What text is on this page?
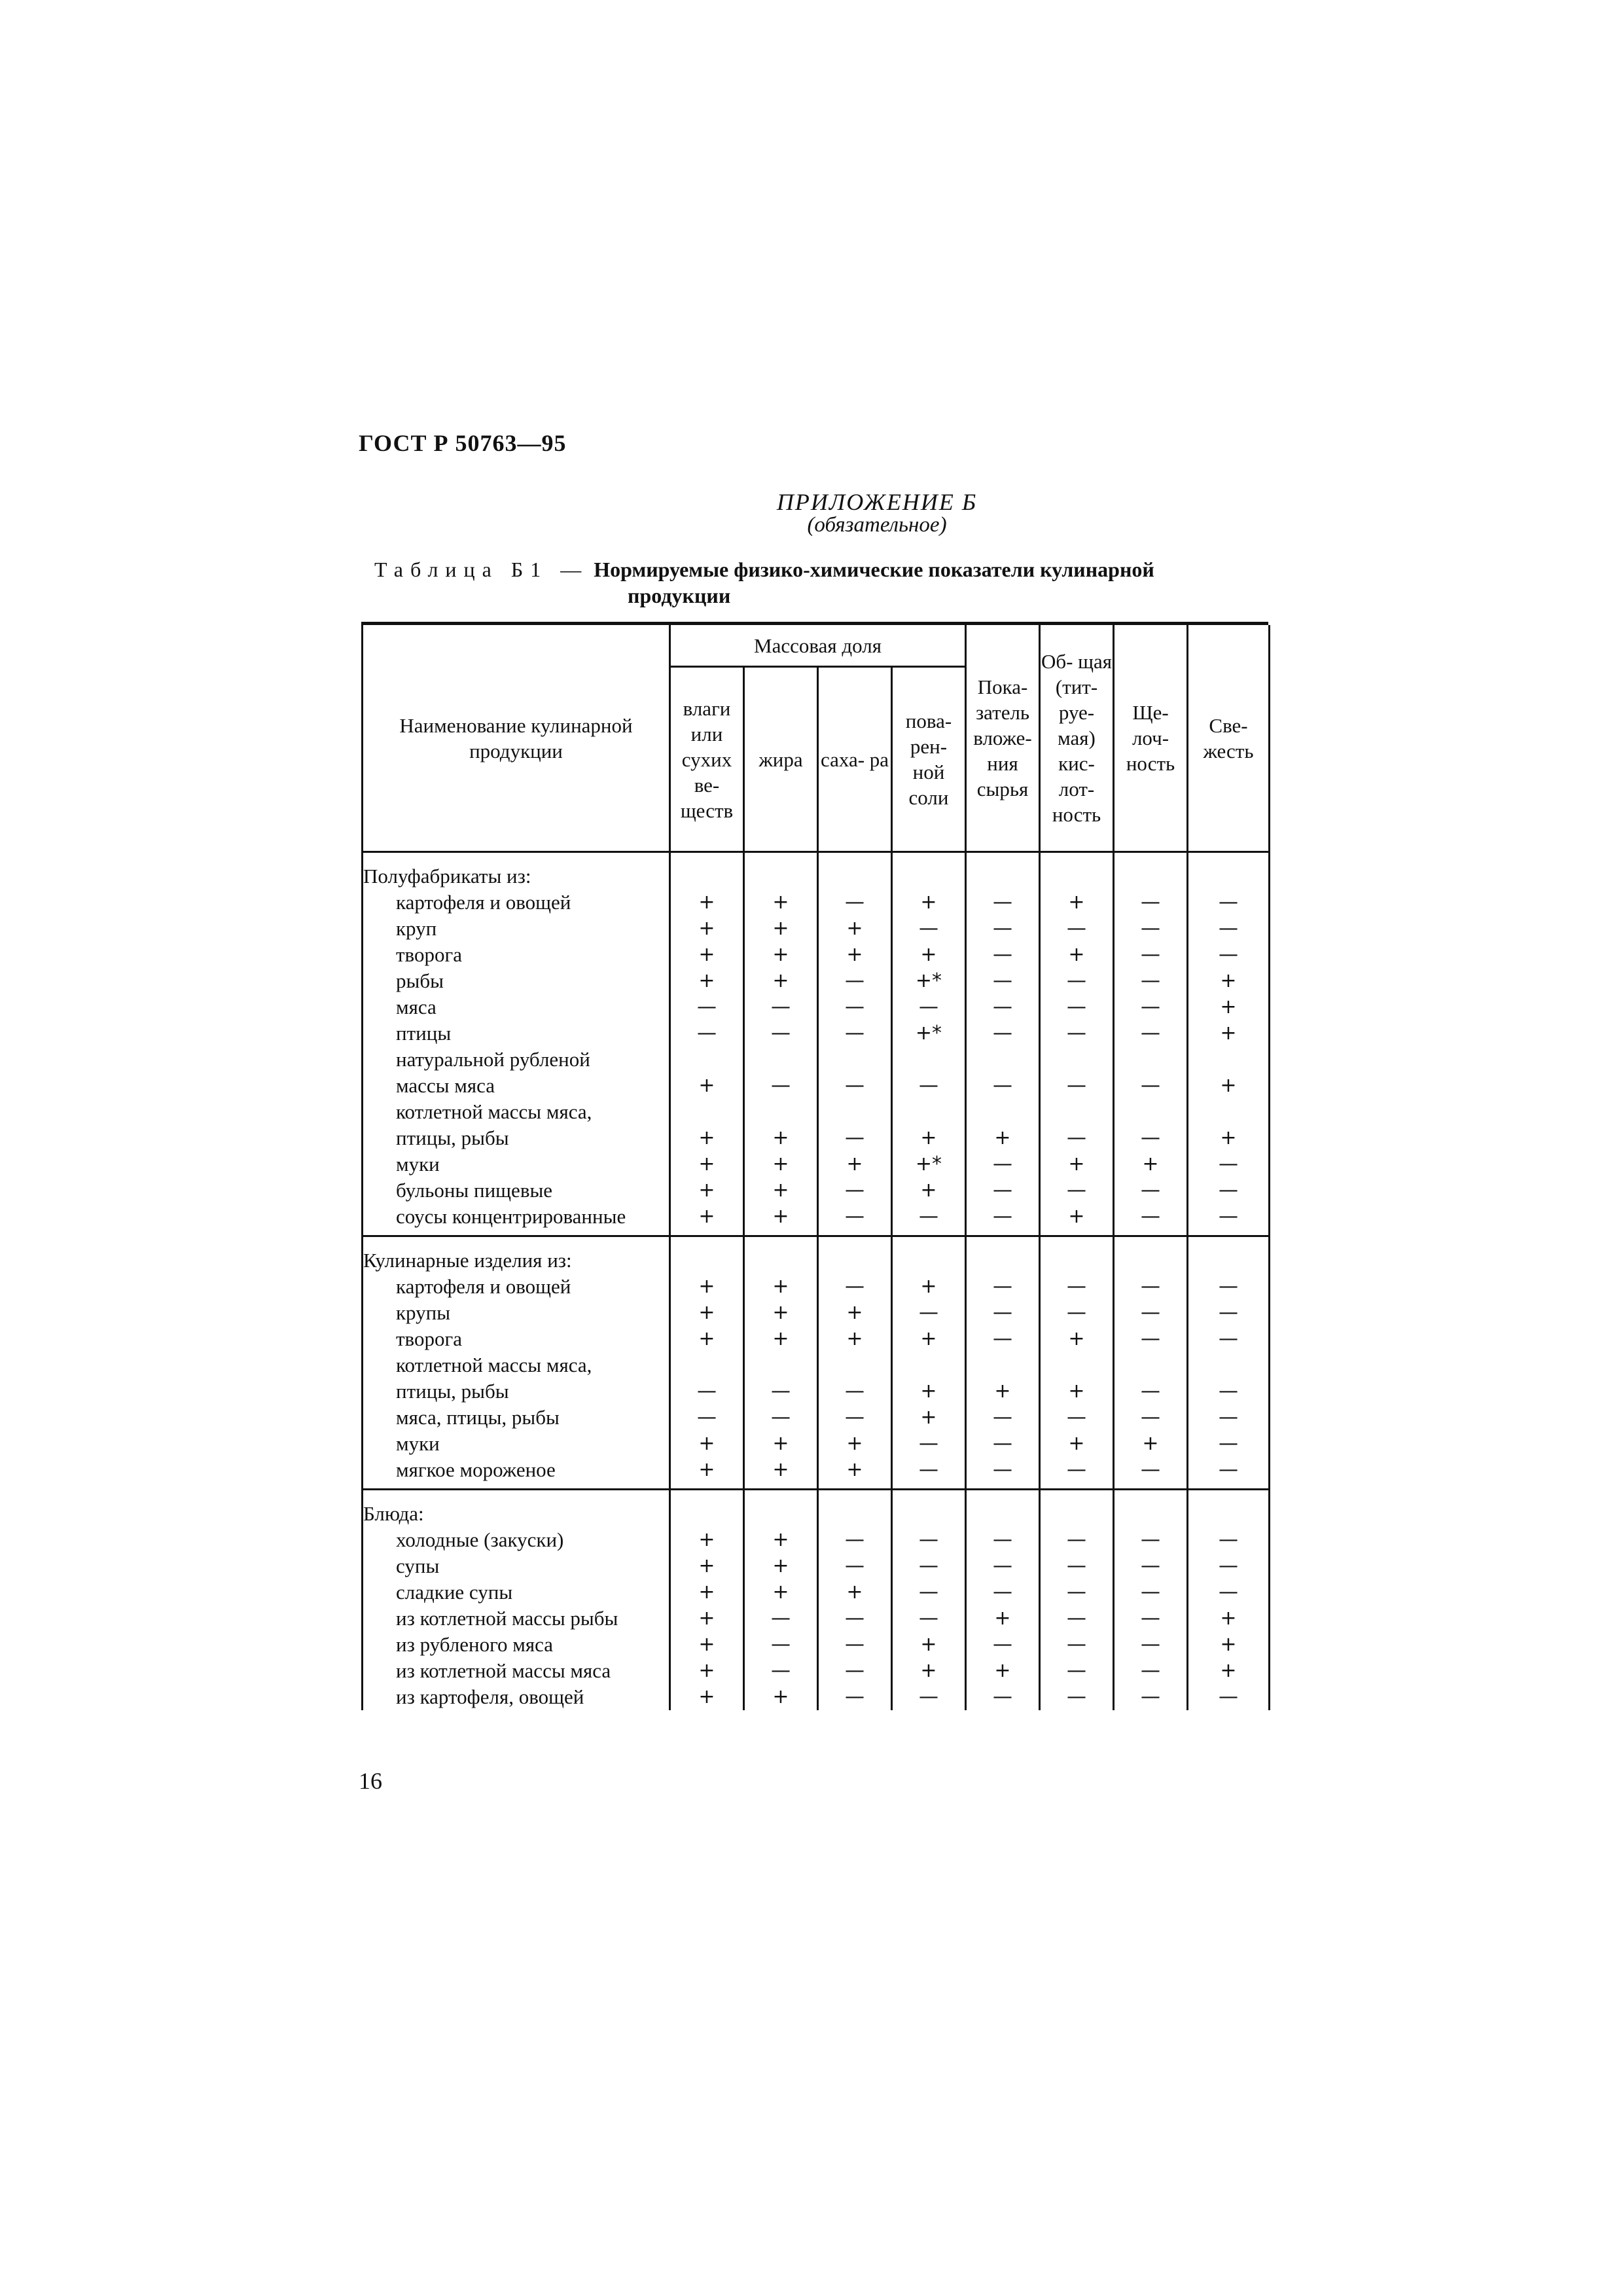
ГОСТ Р 50763—95
ПРИЛОЖЕНИЕ Б
(обязательное)
Таблица Б1 — Нормируемые физико-химические показатели кулинарной
продукции
Наименование кулинарной продукции	Массовая доля				Пока- затель вложе- ния сырья	Об- щая (тит- руе- мая) кис- лот- ность	Ще- лоч- ность	Све- жесть
	влаги или сухих ве- ществ	жира	саха- ра	пова- рен- ной соли				
Полуфабрикаты из:								
картофеля и овощей	+	+	—	+	—	+	—	—
круп	+	+	+	—	—	—	—	—
творога	+	+	+	+	—	+	—	—
рыбы	+	+	—	+*	—	—	—	+
мяса	—	—	—	—	—	—	—	+
птицы	—	—	—	+*	—	—	—	+
натуральной рубленой								
массы мяса	+	—	—	—	—	—	—	+
котлетной массы мяса,								
птицы, рыбы	+	+	—	+	+	—	—	+
муки	+	+	+	+*	—	+	+	—
бульоны пищевые	+	+	—	+	—	—	—	—
соусы концентрированные	+	+	—	—	—	+	—	—
Кулинарные изделия из:								
картофеля и овощей	+	+	—	+	—	—	—	—
крупы	+	+	+	—	—	—	—	—
творога	+	+	+	+	—	+	—	—
котлетной массы мяса,								
птицы, рыбы	—	—	—	+	+	+	—	—
мяса, птицы, рыбы	—	—	—	+	—	—	—	—
муки	+	+	+	—	—	+	+	—
мягкое мороженое	+	+	+	—	—	—	—	—
Блюда:								
холодные (закуски)	+	+	—	—	—	—	—	—
супы	+	+	—	—	—	—	—	—
сладкие супы	+	+	+	—	—	—	—	—
из котлетной массы рыбы	+	—	—	—	+	—	—	+
из рубленого мяса	+	—	—	+	—	—	—	+
из котлетной массы мяса	+	—	—	+	+	—	—	+
из картофеля, овощей	+	+	—	—	—	—	—	—
16
